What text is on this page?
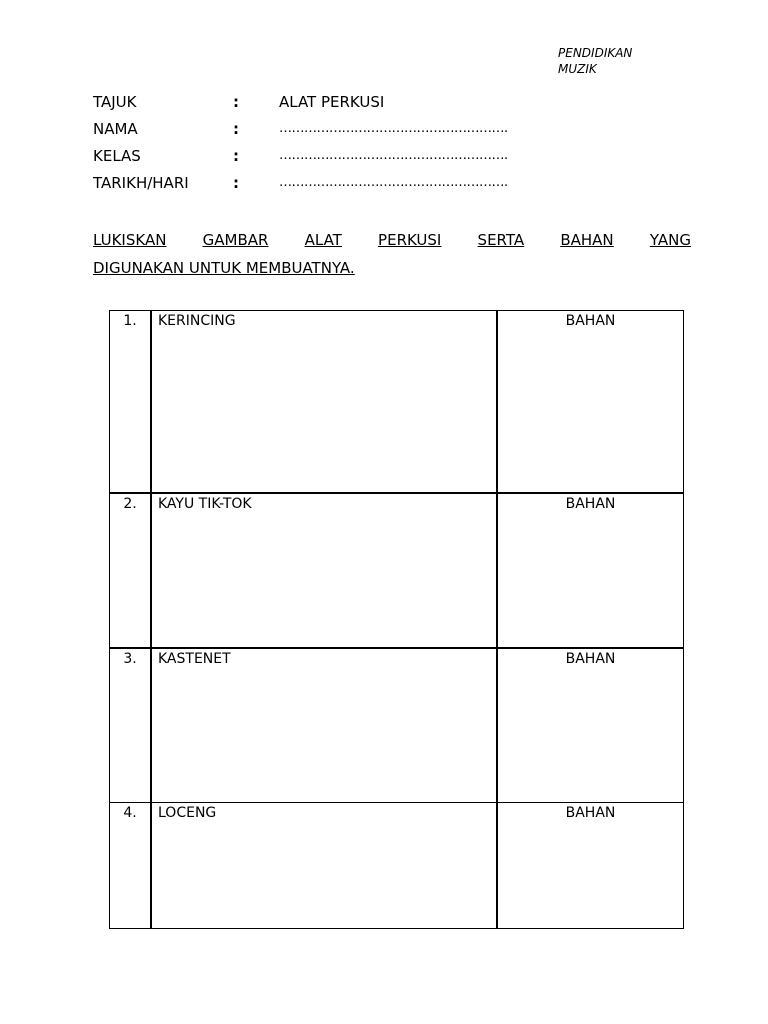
PENDIDIKAN
MUZIK
TAJUK	:	ALAT PERKUSI
NAMA	:	……………………………………………….
KELAS	:	……………………………………………….
TARIKH/HARI	:	……………………………………………….
LUKISKAN GAMBAR ALAT PERKUSI SERTA BAHAN YANG
DIGUNAKAN UNTUK MEMBUATNYA.
1.	KERINCING	BAHAN
2.	KAYU TIK-TOK	BAHAN
3.	KASTENET	BAHAN
4.	LOCENG	BAHAN
